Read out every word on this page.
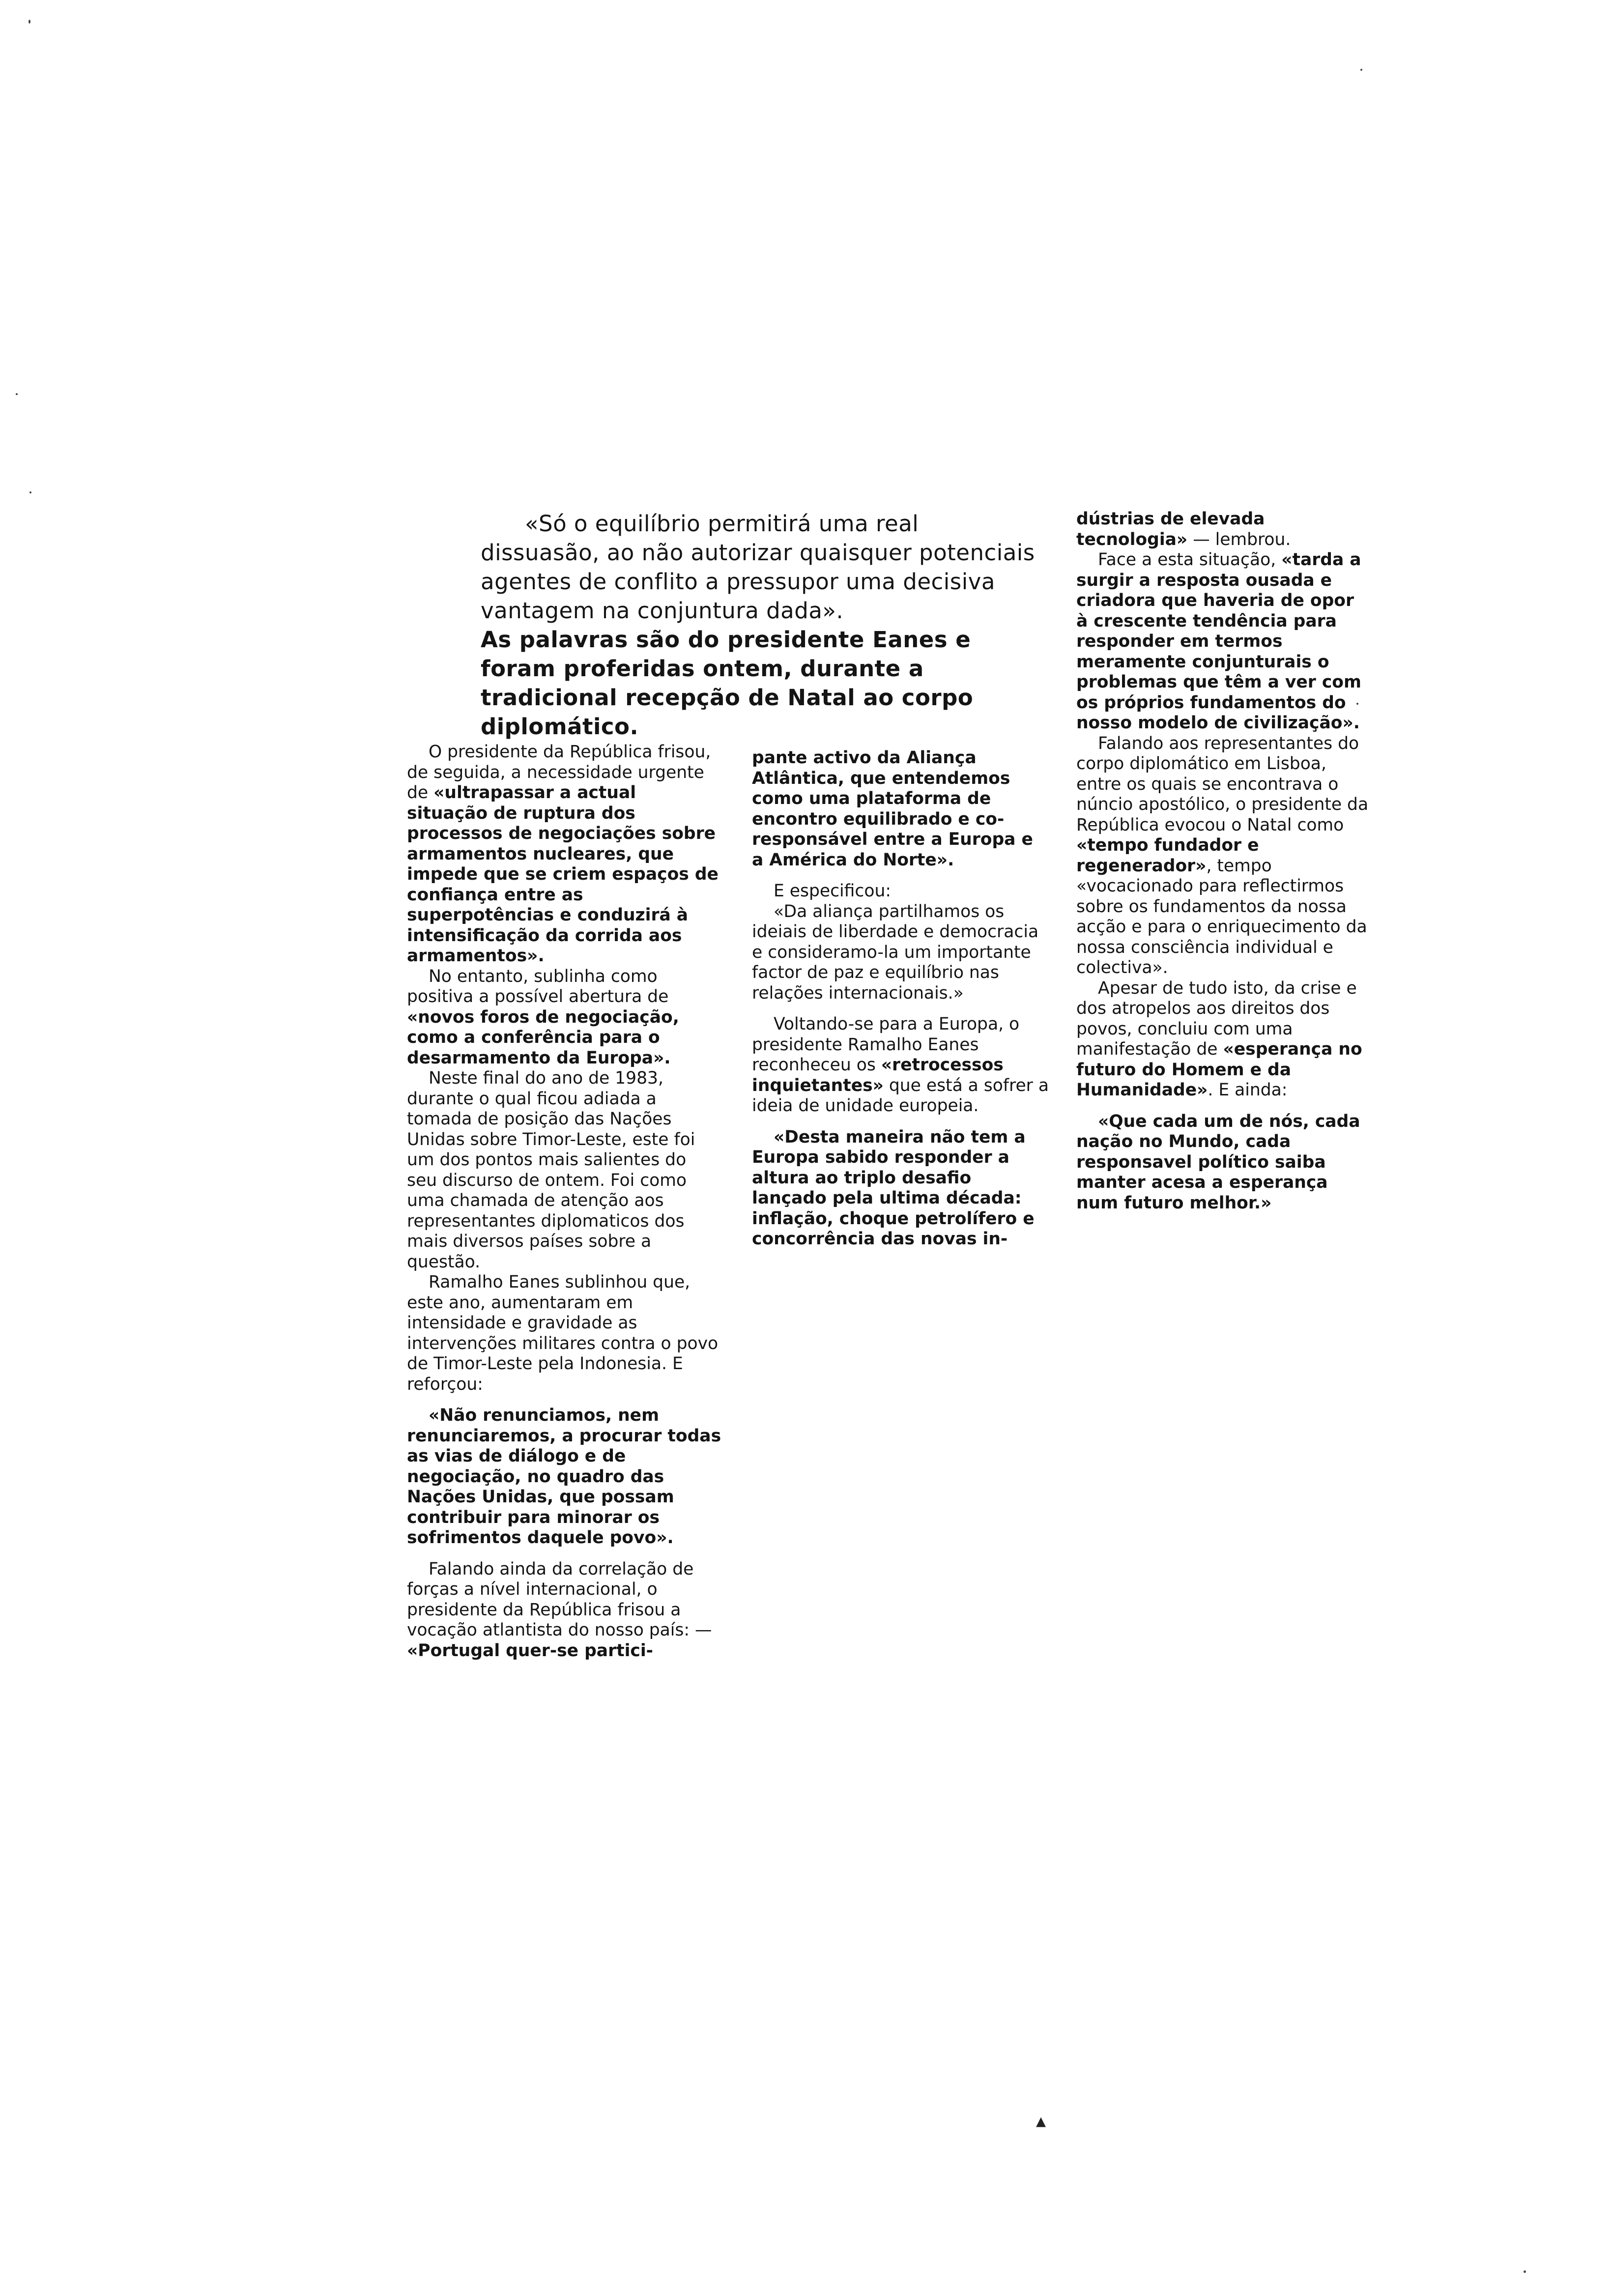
«Só o equilíbrio permitirá uma real dissuasão, ao não autorizar quaisquer potenciais agentes de conflito a pressupor uma decisiva vantagem na conjuntura dada».
As palavras são do presidente Eanes e foram proferidas ontem, durante a tradicional recepção de Natal ao corpo diplomático.

O presidente da República frisou, de seguida, a necessidade urgente de «ultrapassar a actual situação de ruptura dos processos de negociações sobre armamentos nucleares, que impede que se criem espaços de confiança entre as superpotências e conduzirá à intensificação da corrida aos armamentos».

No entanto, sublinha como positiva a possível abertura de «novos foros de negociação, como a conferência para o desarmamento da Europa».

Neste final do ano de 1983, durante o qual ficou adiada a tomada de posição das Nações Unidas sobre Timor-Leste, este foi um dos pontos mais salientes do seu discurso de ontem. Foi como uma chamada de atenção aos representantes diplomaticos dos mais diversos países sobre a questão.

Ramalho Eanes sublinhou que, este ano, aumentaram em intensidade e gravidade as intervenções militares contra o povo de Timor-Leste pela Indonesia. E reforçou:

«Não renunciamos, nem renunciaremos, a procurar todas as vias de diálogo e de negociação, no quadro das Nações Unidas, que possam contribuir para minorar os sofrimentos daquele povo».

Falando ainda da correlação de forças a nível internacional, o presidente da República frisou a vocação atlantista do nosso país: — «Portugal quer-se partici-

pante activo da Aliança Atlântica, que entendemos como uma plataforma de encontro equilibrado e co-responsável entre a Europa e a América do Norte».

E especificou:

«Da aliança partilhamos os ideiais de liberdade e democracia e consideramo-la um importante factor de paz e equilíbrio nas relações internacionais.»

Voltando-se para a Europa, o presidente Ramalho Eanes reconheceu os «retrocessos inquietantes» que está a sofrer a ideia de unidade europeia.

«Desta maneira não tem a Europa sabido responder a altura ao triplo desafio lançado pela ultima década: inflação, choque petrolífero e concorrência das novas in-

dústrias de elevada tecnologia» — lembrou.

Face a esta situação, «tarda a surgir a resposta ousada e criadora que haveria de opor à crescente tendência para responder em termos meramente conjunturais o problemas que têm a ver com os próprios fundamentos do nosso modelo de civilização».

Falando aos representantes do corpo diplomático em Lisboa, entre os quais se encontrava o núncio apostólico, o presidente da República evocou o Natal como «tempo fundador e regenerador», tempo «vocacionado para reflectirmos sobre os fundamentos da nossa acção e para o enriquecimento da nossa consciência individual e colectiva».

Apesar de tudo isto, da crise e dos atropelos aos direitos dos povos, concluiu com uma manifestação de «esperança no futuro do Homem e da Humanidade». E ainda:

«Que cada um de nós, cada nação no Mundo, cada responsavel político saiba manter acesa a esperança num futuro melhor.»

▲
